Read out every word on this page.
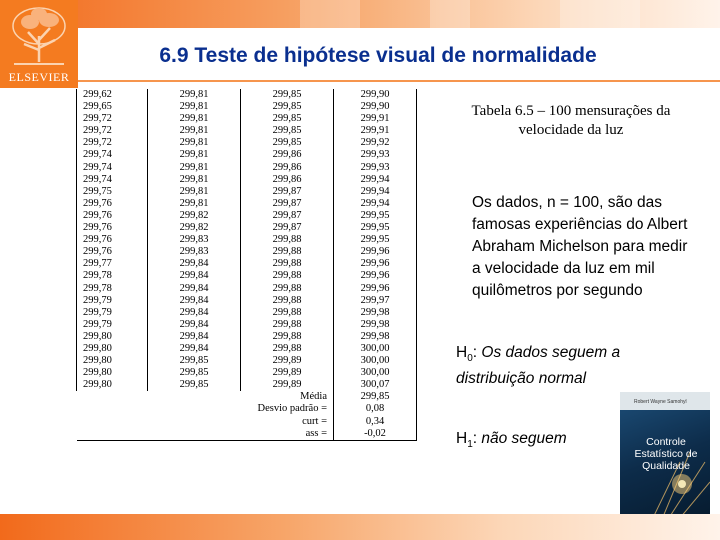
ELSEVIER
6.9 Teste de hipótese visual de normalidade
299,62	299,81	299,85	299,90
299,65	299,81	299,85	299,90
299,72	299,81	299,85	299,91
299,72	299,81	299,85	299,91
299,72	299,81	299,85	299,92
299,74	299,81	299,86	299,93
299,74	299,81	299,86	299,93
299,74	299,81	299,86	299,94
299,75	299,81	299,87	299,94
299,76	299,81	299,87	299,94
299,76	299,82	299,87	299,95
299,76	299,82	299,87	299,95
299,76	299,83	299,88	299,95
299,76	299,83	299,88	299,96
299,77	299,84	299,88	299,96
299,78	299,84	299,88	299,96
299,78	299,84	299,88	299,96
299,79	299,84	299,88	299,97
299,79	299,84	299,88	299,98
299,79	299,84	299,88	299,98
299,80	299,84	299,88	299,98
299,80	299,84	299,88	300,00
299,80	299,85	299,89	300,00
299,80	299,85	299,89	300,00
299,80	299,85	299,89	300,07
	Média		299,85
	Desvio padrão =		0,08
	curt =		0,34
	ass =		-0,02
Tabela 6.5 – 100 mensurações da velocidade da luz
Os dados, n = 100, são das famosas experiências do Albert Abraham Michelson para medir a velocidade da luz em mil quilômetros por segundo
$H_0$: Os dados seguem a distribuição normal
$H_1$: não seguem
Robert Wayne Samohyl
Controle Estatístico de Qualidade
